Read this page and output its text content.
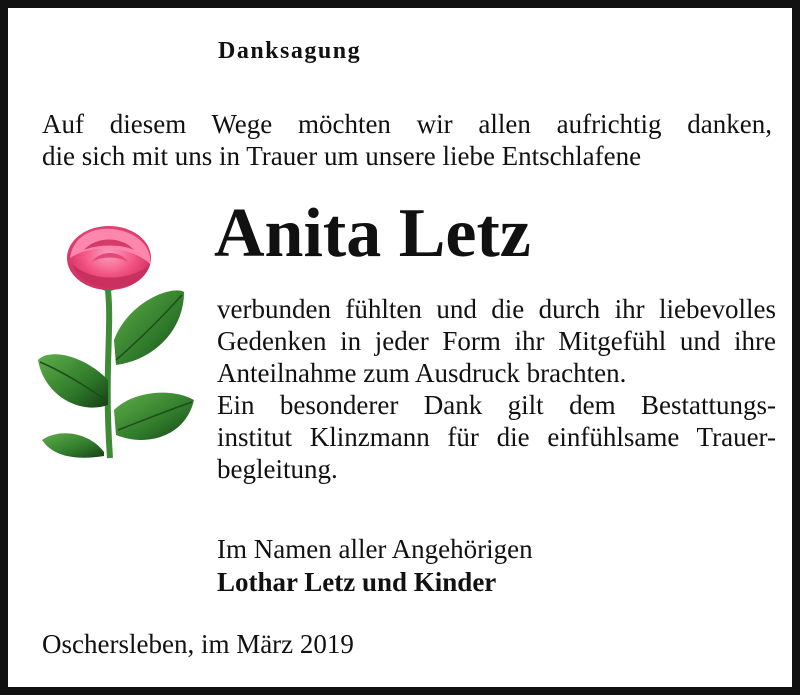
Danksagung
Auf diesem Wege möchten wir allen aufrichtig danken,
die sich mit uns in Trauer um unsere liebe Entschlafene
Anita Letz
verbunden fühlten und die durch ihr liebevolles
Gedenken in jeder Form ihr Mitgefühl und ihre
Anteilnahme zum Ausdruck brachten.
Ein besonderer Dank gilt dem Bestattungs-
institut Klinzmann für die einfühlsame Trauer-
begleitung.
Im Namen aller Angehörigen
Lothar Letz und Kinder
Oschersleben, im März 2019
